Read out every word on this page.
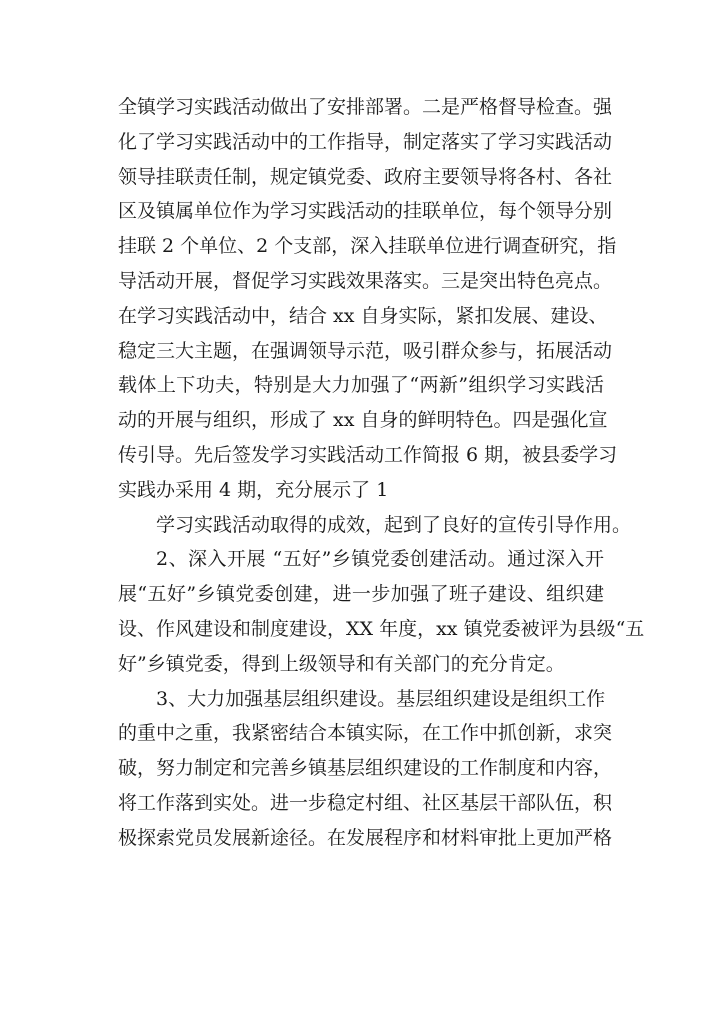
全镇学习实践活动做出了安排部署。二是严格督导检查。强
化了学习实践活动中的工作指导，制定落实了学习实践活动
领导挂联责任制，规定镇党委、政府主要领导将各村、各社
区及镇属单位作为学习实践活动的挂联单位，每个领导分别
挂联 2 个单位、2 个支部，深入挂联单位进行调查研究，指
导活动开展，督促学习实践效果落实。三是突出特色亮点。
在学习实践活动中，结合 xx 自身实际，紧扣发展、建设、
稳定三大主题，在强调领导示范，吸引群众参与，拓展活动
载体上下功夫，特别是大力加强了“两新”组织学习实践活
动的开展与组织，形成了 xx 自身的鲜明特色。四是强化宣
传引导。先后签发学习实践活动工作简报 6 期，被县委学习
实践办采用 4 期，充分展示了 1
学习实践活动取得的成效，起到了良好的宣传引导作用。
2、深入开展 “五好”乡镇党委创建活动。通过深入开
展“五好”乡镇党委创建，进一步加强了班子建设、组织建
设、作风建设和制度建设，XX 年度，xx 镇党委被评为县级“五
好”乡镇党委，得到上级领导和有关部门的充分肯定。
3、大力加强基层组织建设。基层组织建设是组织工作
的重中之重，我紧密结合本镇实际，在工作中抓创新，求突
破，努力制定和完善乡镇基层组织建设的工作制度和内容，
将工作落到实处。进一步稳定村组、社区基层干部队伍，积
极探索党员发展新途径。在发展程序和材料审批上更加严格
